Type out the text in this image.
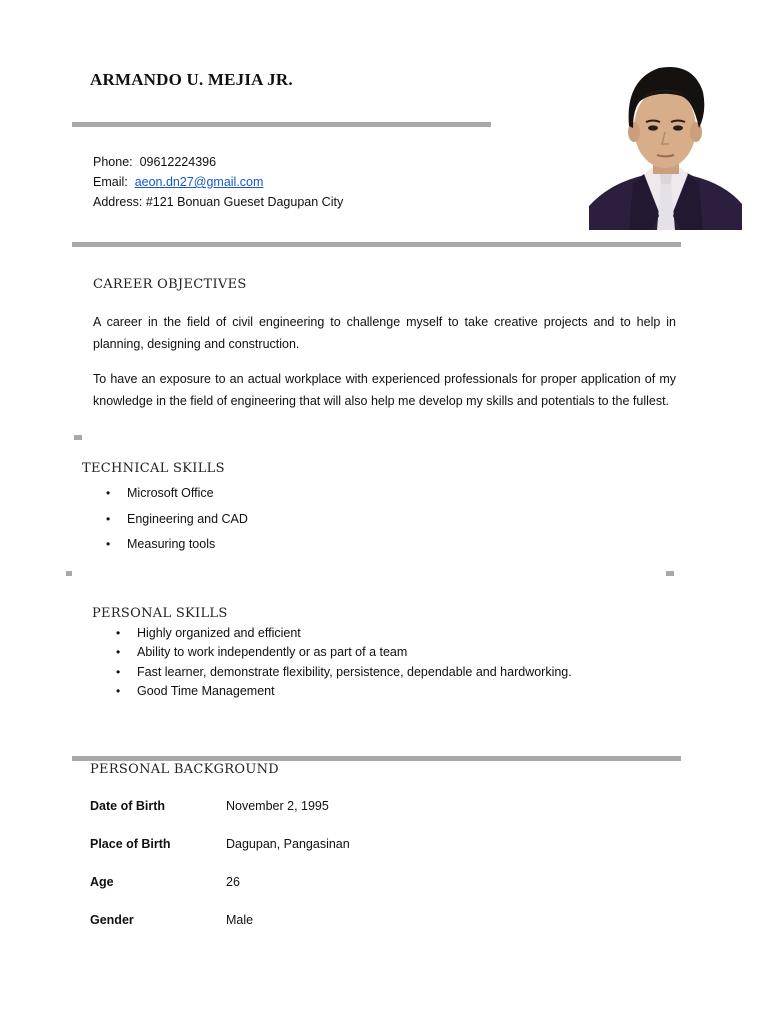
ARMANDO U. MEJIA JR.
Phone: 09612224396
Email: aeon.dn27@gmail.com
Address: #121 Bonuan Gueset Dagupan City
CAREER OBJECTIVES
A career in the field of civil engineering to challenge myself to take creative projects and to help in planning, designing and construction.
To have an exposure to an actual workplace with experienced professionals for proper application of my knowledge in the field of engineering that will also help me develop my skills and potentials to the fullest.
TECHNICAL SKILLS
• Microsoft Office
• Engineering and CAD
• Measuring tools
PERSONAL SKILLS
• Highly organized and efficient
• Ability to work independently or as part of a team
• Fast learner, demonstrate flexibility, persistence, dependable and hardworking.
• Good Time Management
PERSONAL BACKGROUND
Date of Birth	November 2, 1995
Place of Birth	Dagupan, Pangasinan
Age	26
Gender	Male
